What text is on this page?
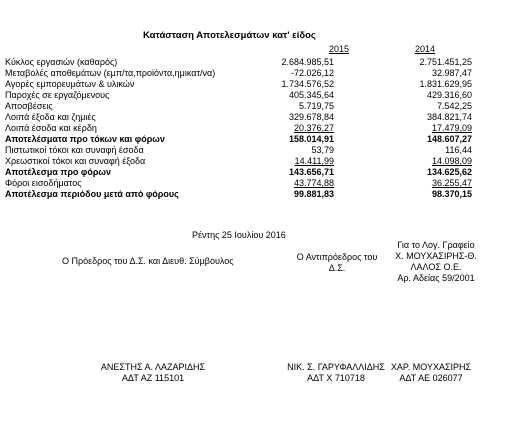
Κατάσταση Αποτελεσμάτων κατ' είδος
2015	2014
Κύκλος εργασιών (καθαρός)	2.684.985,51	2.751.451,25
Μεταβολές αποθεμάτων (εμπ/τα,προϊόντα,ημικατ/να)	-72.026,12	32.987,47
Αγορές εμπορευμάτων & υλικών	1.734.576,52	1.831.629,95
Παροχές σε εργαζόμενους	405.345,64	429.316,60
Αποσβέσεις	5.719,75	7.542,25
Λοιπά έξοδα και ζημιές	329.678,84	384.821,74
Λοιπά έσοδα και κέρδη	20.376,27	17.479,09
Αποτελέσματα προ τόκων και φόρων	158.014,91	148.607,27
Πιστωτικοί τόκοι και συναφή έσοδα	53,79	116,44
Χρεωστικοί τόκοι και συναφή έξοδα	14.411,99	14.098,09
Αποτέλεσμα προ φόρων	143.656,71	134.625,62
Φόροι εισοδήματος	43.774,88	36.255,47
Αποτέλεσμα περιόδου μετά από φόρους	99.881,83	98.370,15
Ρέντης 25 Ιουλίου 2016
Ο Πρόεδρος του Δ.Σ. και Διευθ. Σύμβουλος	Ο Αντιπρόεδρος του
Δ.Σ.
Για το Λογ. Γραφείο
Χ. ΜΟΥΧΑΣΙΡΗΣ-Θ.
ΛΑΛΟΣ Ο.Ε.
Αρ. Αδείας 59/2001
ΑΝΕΣΤΗΣ Α. ΛΑΖΑΡΙΔΗΣ
ΑΔΤ ΑΖ 115101
ΝΙΚ. Σ. ΓΑΡΥΦΑΛΛΙΔΗΣ
ΑΔΤ Χ 710718
ΧΑΡ. ΜΟΥΧΑΣΙΡΗΣ
ΑΔΤ ΑΕ 026077
